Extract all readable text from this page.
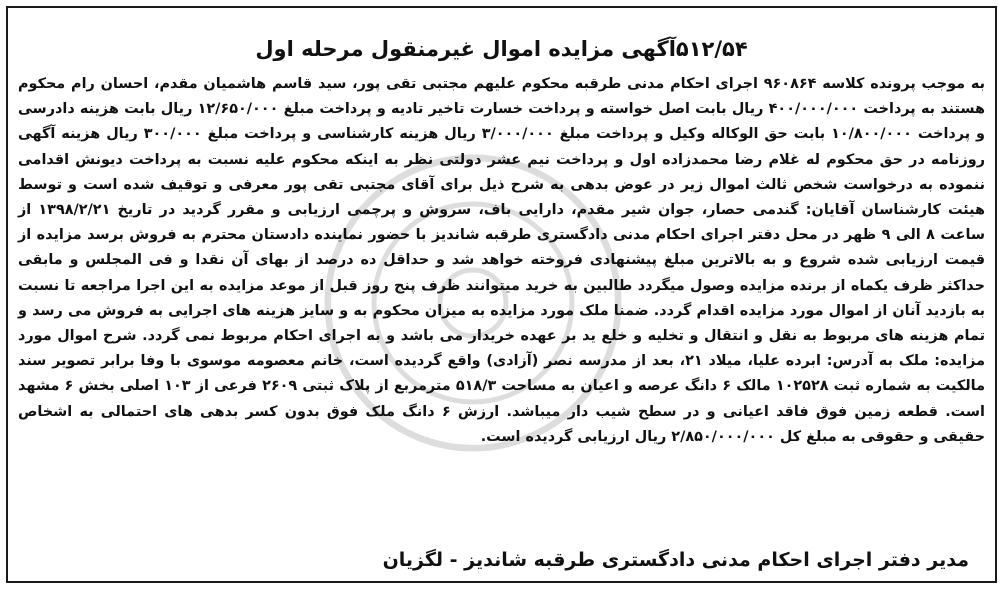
۵۱۲/۵۴آگهی مزایده اموال غیرمنقول مرحله اول
به موجب پرونده کلاسه ۹۶۰۸۶۴ اجرای احکام مدنی طرقبه محکوم علیهم مجتبی تقی پور، سید قاسم هاشمیان مقدم، احسان رام محکوم هستند به پرداخت ۴۰۰/۰۰۰/۰۰۰ ریال بابت اصل خواسته و پرداخت خسارت تاخیر تادیه و پرداخت مبلغ ۱۲/۶۵۰/۰۰۰ ریال بابت هزینه دادرسی و پرداخت ۱۰/۸۰۰/۰۰۰ بابت حق الوکاله وکیل و پرداخت مبلغ ۳/۰۰۰/۰۰۰ ریال هزینه کارشناسی و پرداخت مبلغ ۳۰۰/۰۰۰ ریال هزینه آگهی روزنامه در حق محکوم له غلام رضا محمدزاده اول و پرداخت نیم عشر دولتی نظر به اینکه محکوم علیه نسبت به پرداخت دیونش اقدامی ننموده به درخواست شخص ثالث اموال زیر در عوض بدهی به شرح ذیل برای آقای مجتبی تقی پور معرفی و توقیف شده است و توسط هیئت کارشناسان آقایان: گندمی حصار، جوان شیر مقدم، دارایی باف، سروش و پرچمی ارزیابی و مقرر گردید در تاریخ ۱۳۹۸/۲/۲۱ از ساعت ۸ الی ۹ ظهر در محل دفتر اجرای احکام مدنی دادگستری طرقبه شاندیز با حضور نماینده دادستان محترم به فروش برسد مزایده از قیمت ارزیابی شده شروع و به بالاترین مبلغ پیشنهادی فروخته خواهد شد و حداقل ده درصد از بهای آن نقدا و فی المجلس و مابقی حداکثر ظرف یکماه از برنده مزایده وصول میگردد طالبین به خرید میتوانند ظرف پنج روز قبل از موعد مزایده به این اجرا مراجعه تا نسبت به بازدید آنان از اموال مورد مزایده اقدام گردد. ضمنا ملک مورد مزایده به میزان محکوم به و سایز هزینه های اجرایی به فروش می رسد و تمام هزینه های مربوط به نقل و انتقال و تخلیه و خلع ید بر عهده خریدار می باشد و به اجرای احکام مربوط نمی گردد. شرح اموال مورد مزایده: ملک به آدرس: ابرده علیا، میلاد ۲۱، بعد از مدرسه نصر (آزادی) واقع گردیده است، خانم معصومه موسوی با وفا برابر تصویر سند مالکیت به شماره ثبت ۱۰۲۵۲۸ مالک ۶ دانگ عرصه و اعیان به مساحت ۵۱۸/۳ مترمربع از پلاک ثبتی ۲۶۰۹ فرعی از ۱۰۳ اصلی بخش ۶ مشهد است. قطعه زمین فوق فاقد اعیانی و در سطح شیب دار میباشد. ارزش ۶ دانگ ملک فوق بدون کسر بدهی های احتمالی به اشخاص حقیقی و حقوقی به مبلغ کل ۲/۸۵۰/۰۰۰/۰۰۰ ریال ارزیابی گردیده است.
مدیر دفتر اجرای احکام مدنی دادگستری طرقبه شاندیز - لگزیان
